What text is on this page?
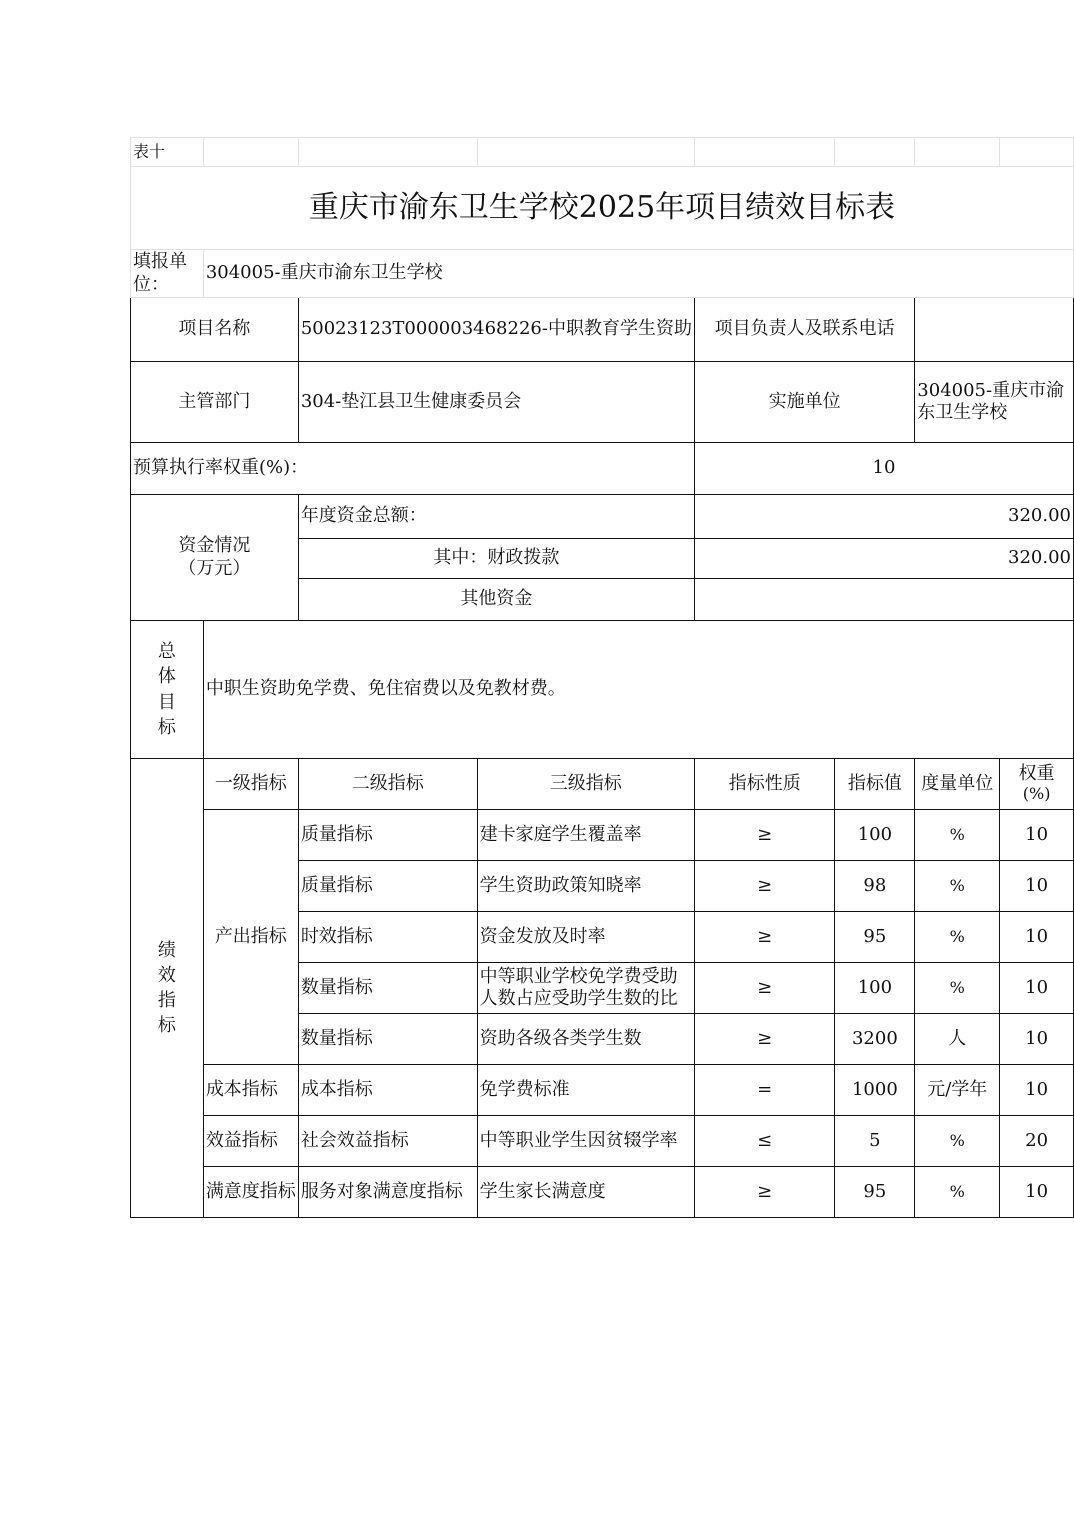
表十							
重庆市渝东卫生学校2025年项目绩效目标表							
填报单位：	304005-重庆市渝东卫生学校						
项目名称		50023123T000003468226-中职教育学生资助		项目负责人及联系电话			
主管部门		304-垫江县卫生健康委员会		实施单位		304005-重庆市渝东卫生学校	
预算执行率权重(%)：				10			

资金情况
（万元）		年度资金总额：		320.00			
		其中：财政拨款		320.00			
		其他资金					

总体目标	中职生资助免学费、免住宿费以及免教材费。						

绩效指标	一级指标	二级指标	三级指标	指标性质	指标值	度量单位	权重
(%)

	产出指标	质量指标	建卡家庭学生覆盖率	≥	100	%	10
		质量指标	学生资助政策知晓率	≥	98	%	10
		时效指标	资金发放及时率	≥	95	%	10
		数量指标	中等职业学校免学费受助人数占应受助学生数的比	≥	100	%	10
		数量指标	资助各级各类学生数	≥	3200	人	10
	成本指标	成本指标	免学费标准	=	1000	元/学年	10
	效益指标	社会效益指标	中等职业学生因贫辍学率	≤	5	%	20
	满意度指标	服务对象满意度指标	学生家长满意度	≥	95	%	10
